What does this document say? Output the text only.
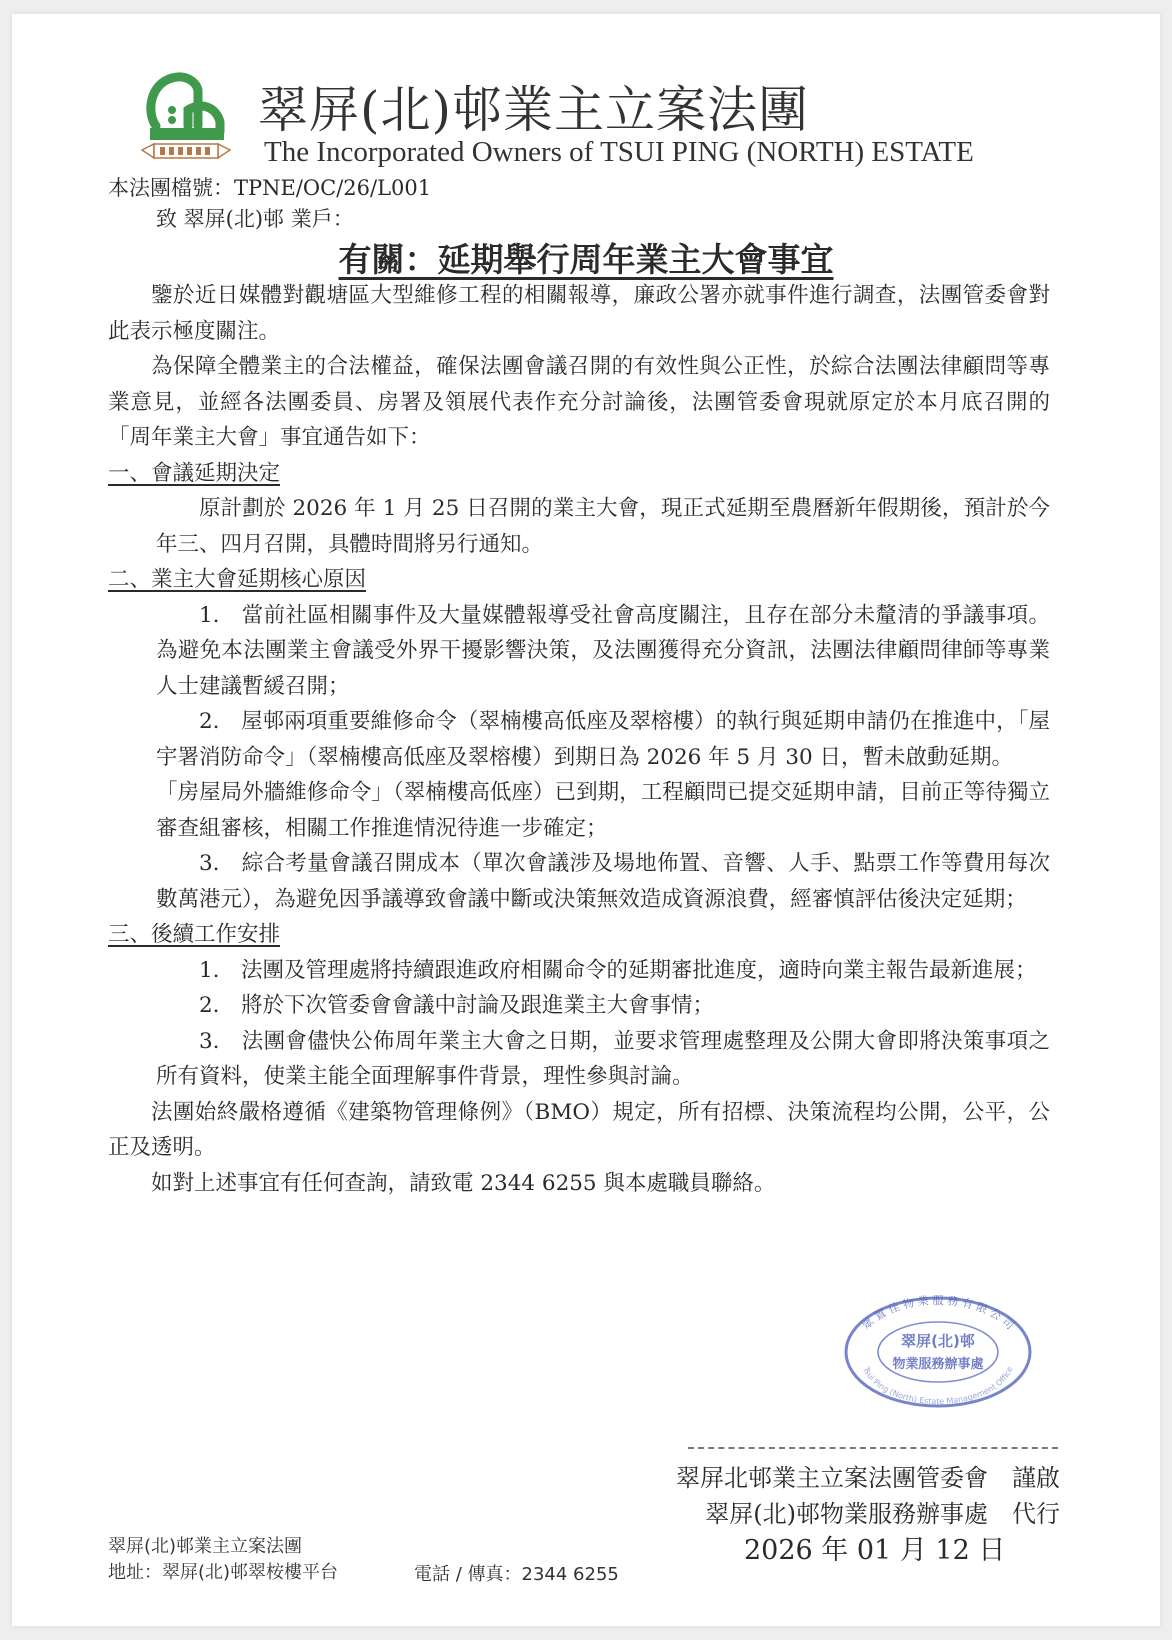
翠屏(北)邨業主立案法團
The Incorporated Owners of TSUI PING (NORTH) ESTATE
本法團檔號：TPNE/OC/26/L001
致 翠屏(北)邨 業戶：
有關：延期舉行周年業主大會事宜

鑒於近日媒體對觀塘區大型維修工程的相關報導，廉政公署亦就事件進行調查，法團管委會對此表示極度關注。

為保障全體業主的合法權益，確保法團會議召開的有效性與公正性，於綜合法團法律顧問等專業意見，並經各法團委員、房署及領展代表作充分討論後，法團管委會現就原定於本月底召開的「周年業主大會」事宜通告如下：

一、會議延期決定

原計劃於 2026 年 1 月 25 日召開的業主大會，現正式延期至農曆新年假期後，預計於今年三、四月召開，具體時間將另行通知。

二、業主大會延期核心原因

1.　當前社區相關事件及大量媒體報導受社會高度關注，且存在部分未釐清的爭議事項。為避免本法團業主會議受外界干擾影響決策，及法團獲得充分資訊，法團法律顧問律師等專業人士建議暫緩召開；

2.　屋邨兩項重要維修命令（翠楠樓高低座及翠榕樓）的執行與延期申請仍在推進中，「屋宇署消防命令」（翠楠樓高低座及翠榕樓）到期日為 2026 年 5 月 30 日，暫未啟動延期。

「房屋局外牆維修命令」（翠楠樓高低座）已到期，工程顧問已提交延期申請，目前正等待獨立審查組審核，相關工作推進情況待進一步確定；

3.　綜合考量會議召開成本（單次會議涉及場地佈置、音響、人手、點票工作等費用每次數萬港元），為避免因爭議導致會議中斷或決策無效造成資源浪費，經審慎評估後決定延期；

三、後續工作安排

1.　法團及管理處將持續跟進政府相關命令的延期審批進度，適時向業主報告最新進展；

2.　將於下次管委會會議中討論及跟進業主大會事情；

3.　法團會儘快公佈周年業主大會之日期，並要求管理處整理及公開大會即將決策事項之所有資料，使業主能全面理解事件背景，理性參與討論。

法團始終嚴格遵循《建築物管理條例》（BMO）規定，所有招標、決策流程均公開，公平，公正及透明。

如對上述事宜有任何查詢，請致電 2344 6255 與本處職員聯絡。

眾 置 佳 物 業 服 務 有 限 公 司
翠屏(北)邨
物業服務辦事處
Tsui Ping (North) Estate Management Office
翠屏北邨業主立案法團管委會　謹啟
翠屏(北)邨物業服務辦事處　代行
2026 年 01 月 12 日
翠屏(北)邨業主立案法團
地址：翠屏(北)邨翠桉樓平台	電話 / 傳真：2344 6255
